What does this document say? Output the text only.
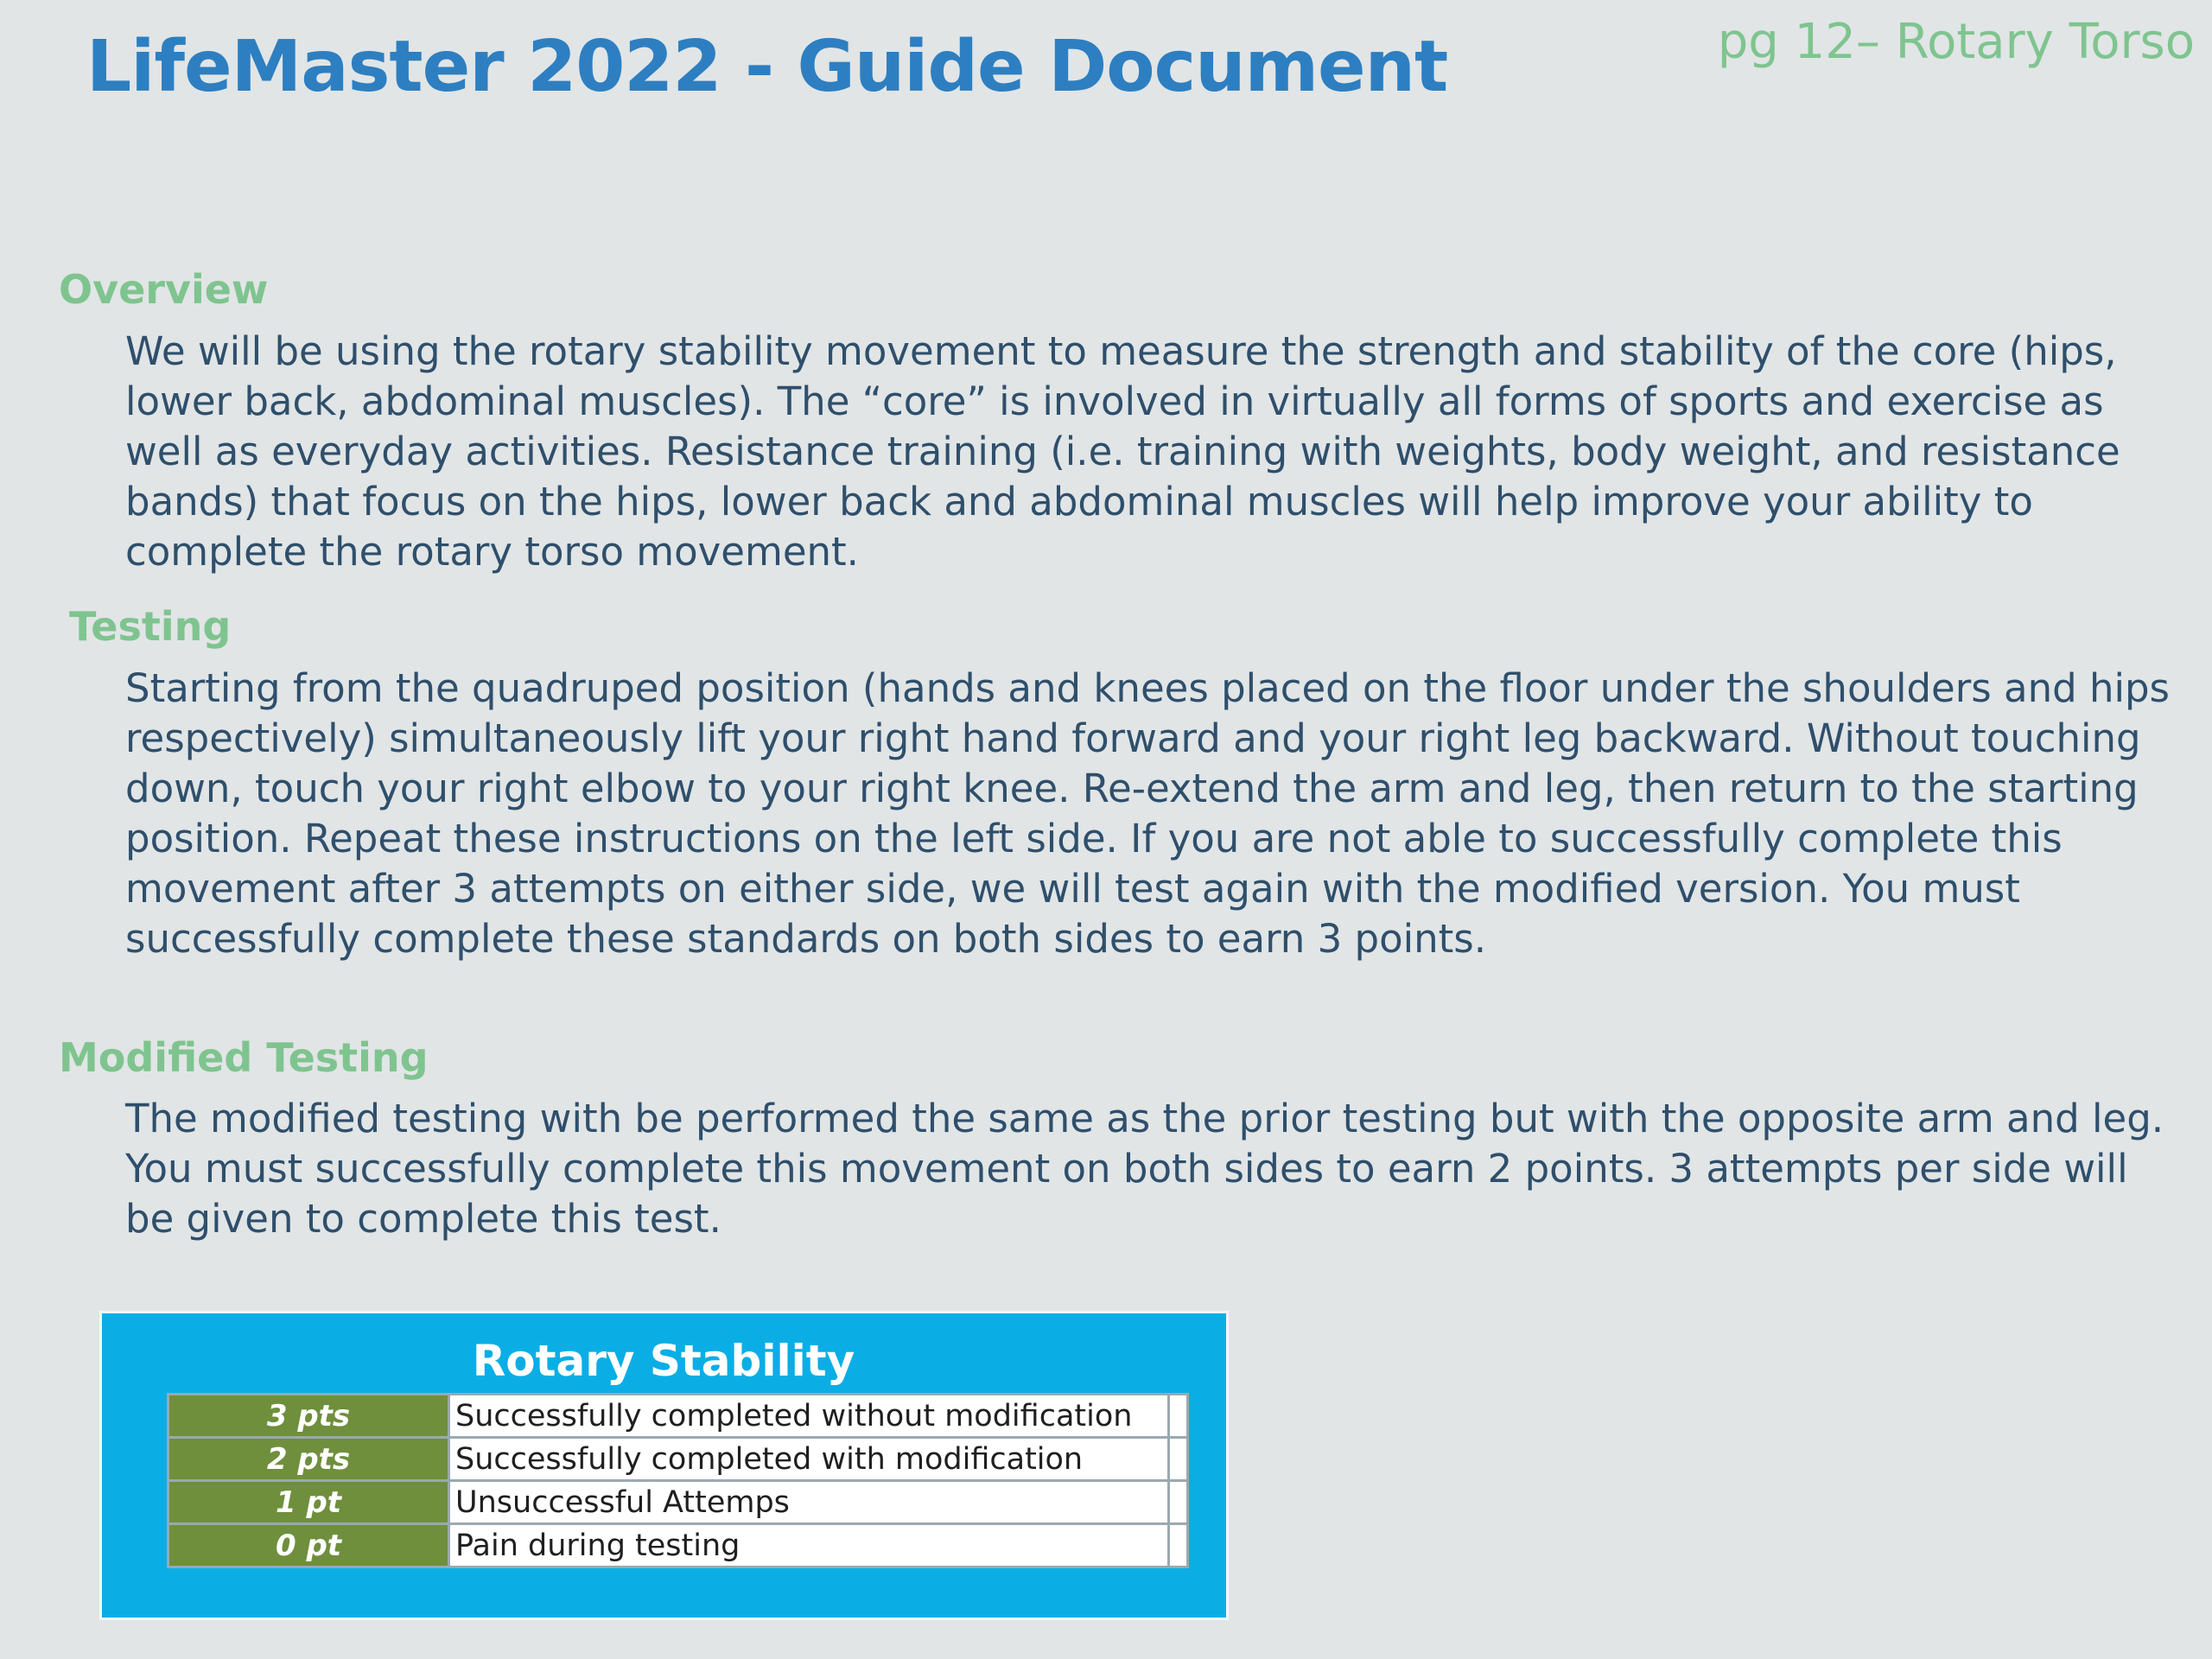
LifeMaster 2022 - Guide Document	pg 12– Rotary Torso
Overview
We will be using the rotary stability movement to measure the strength and stability of the core (hips, lower back, abdominal muscles). The “core” is involved in virtually all forms of sports and exercise as well as everyday activities. Resistance training (i.e. training with weights, body weight, and resistance bands) that focus on the hips, lower back and abdominal muscles will help improve your ability to complete the rotary torso movement.
Testing
Starting from the quadruped position (hands and knees placed on the floor under the shoulders and hips respectively) simultaneously lift your right hand forward and your right leg backward. Without touching down, touch your right elbow to your right knee. Re-extend the arm and leg, then return to the starting position. Repeat these instructions on the left side. If you are not able to successfully complete this movement after 3 attempts on either side, we will test again with the modified version. You must successfully complete these standards on both sides to earn 3 points.
Modified Testing
The modified testing with be performed the same as the prior testing but with the opposite arm and leg. You must successfully complete this movement on both sides to earn 2 points. 3 attempts per side will be given to complete this test.
Rotary Stability
3 pts	Successfully completed without modification	
2 pts	Successfully completed with modification	
1 pt	Unsuccessful Attemps	
0 pt	Pain during testing	
